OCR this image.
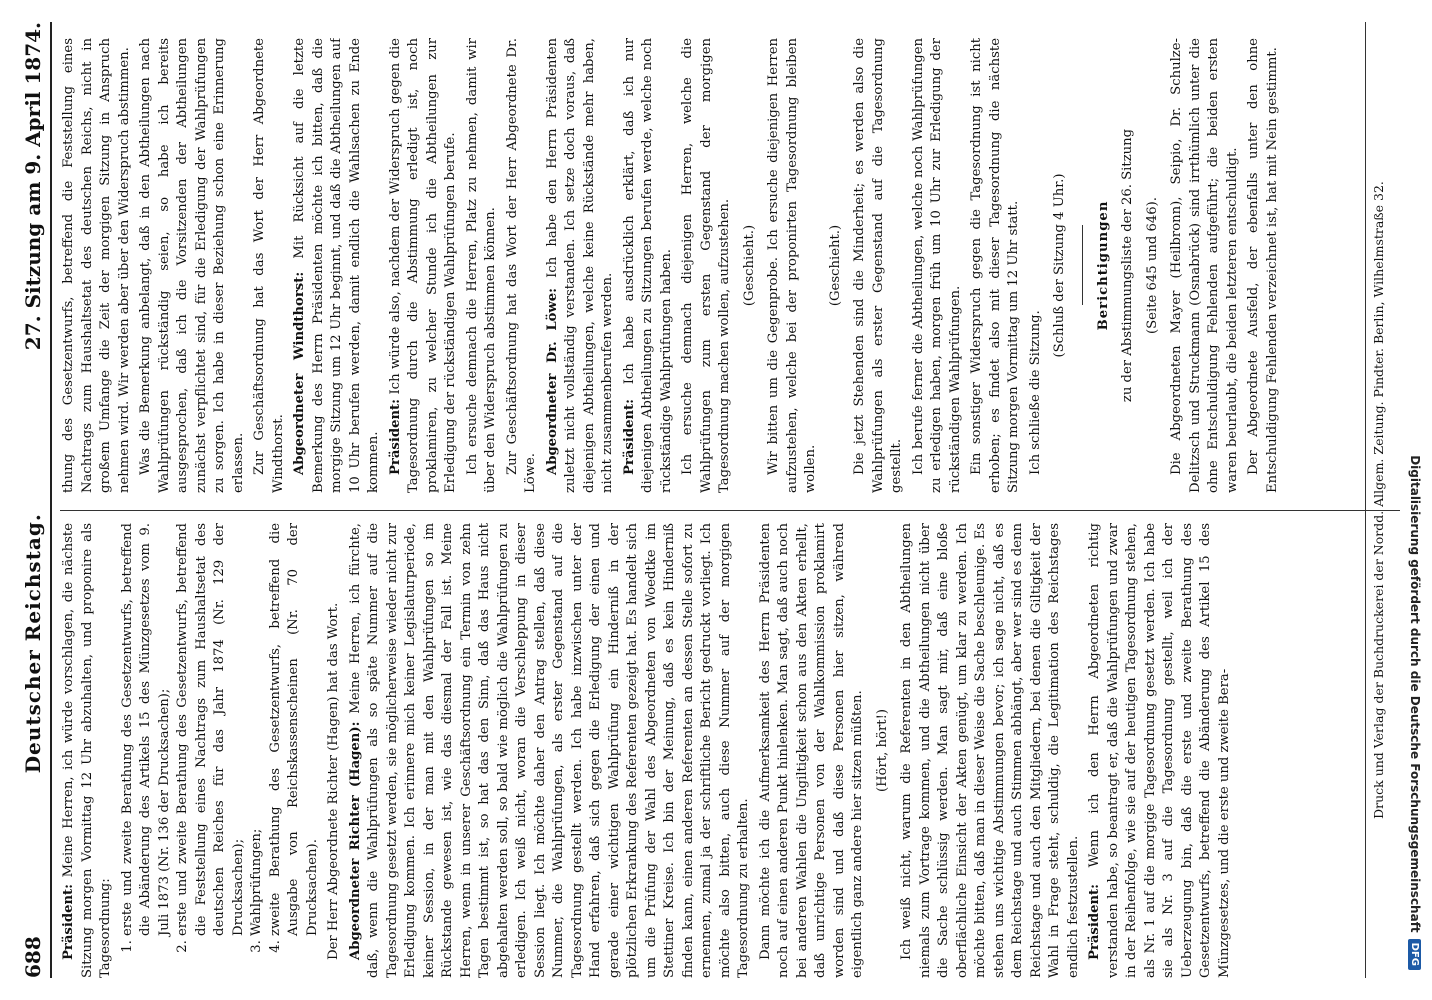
688
Deutscher Reichstag.
27. Sitzung am 9. April 1874.

Präsident: Meine Herren, ich würde vorschlagen, die nächste Sitzung morgen Vormittag 12 Uhr abzuhalten, und proponire als Tagesordnung: 1. erste und zweite Berathung des Gesetzentwurfs, betreffend die Abänderung des Artikels 15 des Münzgesetzes vom 9. Juli 1873 (Nr. 136 der Drucksachen); 2. erste und zweite Berathung des Gesetzentwurfs, betreffend die Feststellung eines Nachtrags zum Haushaltsetat des deutschen Reiches für das Jahr 1874 (Nr. 129 der Drucksachen); 3. Wahlprüfungen; 4. zweite Berathung des Gesetzentwurfs, betreffend die Ausgabe von Reichskassenscheinen (Nr. 70 der Drucksachen). Der Herr Abgeordnete Richter (Hagen) hat das Wort. Abgeordneter Richter (Hagen): Meine Herren, ich fürchte, daß, wenn die Wahlprüfungen als so späte Nummer auf die Tagesordnung gesetzt werden, sie möglicherweise wieder nicht zur Erledigung kommen. Ich erinnere mich keiner Legislaturperiode, keiner Session, in der man mit den Wahlprüfungen so im Rückstande gewesen ist, wie das diesmal der Fall ist. Meine Herren, wenn in unserer Geschäftsordnung ein Termin von zehn Tagen bestimmt ist, so hat das den Sinn, daß das Haus nicht abgehalten werden soll, so bald wie möglich die Wahlprüfungen zu erledigen. Ich weiß nicht, woran die Verschleppung in dieser Session liegt. Ich möchte daher den Antrag stellen, daß diese Nummer, die Wahlprüfungen, als erster Gegenstand auf die Tagesordnung gestellt werden. Ich habe inzwischen unter der Hand erfahren, daß sich gegen die Erledigung der einen und gerade einer wichtigen Wahlprüfung ein Hinderniß in der plötzlichen Erkrankung des Referenten gezeigt hat. Es handelt sich um die Prüfung der Wahl des Abgeordneten von Woedtke im Stettiner Kreise. Ich bin der Meinung, daß es kein Hinderniß finden kann, einen anderen Referenten an dessen Stelle sofort zu ernennen, zumal ja der schriftliche Bericht gedruckt vorliegt. Ich möchte also bitten, auch diese Nummer auf der morgigen Tagesordnung zu erhalten. Dann möchte ich die Aufmerksamkeit des Herrn Präsidenten noch auf einen anderen Punkt hinlenken. Man sagt, daß auch noch bei anderen Wahlen die Ungiltigkeit schon aus den Akten erhellt, daß unrichtige Personen von der Wahlkommission proklamirt worden sind und daß diese Personen hier sitzen, während eigentlich ganz andere hier sitzen müßten. (Hört, hört!) Ich weiß nicht, warum die Referenten in den Abtheilungen niemals zum Vortrage kommen, und die Abtheilungen nicht über die Sache schlüssig werden. Man sagt mir, daß eine bloße oberflächliche Einsicht der Akten genügt, um klar zu werden. Ich möchte bitten, daß man in dieser Weise die Sache beschleunige. Es stehen uns wichtige Abstimmungen bevor; ich sage nicht, daß es dem Reichstage und auch Stimmen abhängt, aber wer sind es denn Reichstage und auch den Mitgliedern, bei denen die Giltigkeit der Wahl in Frage steht, schuldig, die Legitimation des Reichstages endlich festzustellen. Präsident: Wenn ich den Herrn Abgeordneten richtig verstanden habe, so beantragt er, daß die Wahlprüfungen und zwar in der Reihenfolge, wie sie auf der heutigen Tagesordnung stehen, als Nr. 1 auf die morgige Tagesordnung gesetzt werden. Ich habe sie als Nr. 3 auf die Tagesordnung gestellt, weil ich der Ueberzeugung bin, daß die erste und zweite Berathung des Gesetzentwurfs, betreffend die Abänderung des Artikel 15 des Münzgesetzes, und die erste und zweite Bera-

thung des Gesetzentwurfs, betreffend die Feststellung eines Nachtrags zum Haushaltsetat des deutschen Reichs, nicht in großem Umfange die Zeit der morgigen Sitzung in Anspruch nehmen wird. Wir werden aber über den Widerspruch abstimmen. Was die Bemerkung anbelangt, daß in den Abtheilungen nach Wahlprüfungen rückständig seien, so habe ich bereits ausgesprochen, daß ich die Vorsitzenden der Abtheilungen zunächst verpflichtet sind, für die Erledigung der Wahlprüfungen zu sorgen. Ich habe in dieser Beziehung schon eine Erinnerung erlassen. Zur Geschäftsordnung hat das Wort der Herr Abgeordnete Windthorst. Abgeordneter Windthorst: Mit Rücksicht auf die letzte Bemerkung des Herrn Präsidenten möchte ich bitten, daß die morgige Sitzung um 12 Uhr beginnt, und daß die Abtheilungen auf 10 Uhr berufen werden, damit endlich die Wahlsachen zu Ende kommen. Präsident: Ich würde also, nachdem der Widerspruch gegen die Tagesordnung durch die Abstimmung erledigt ist, noch proklamiren, zu welcher Stunde ich die Abtheilungen zur Erledigung der rückständigen Wahlprüfungen berufe. Ich ersuche demnach die Herren, Platz zu nehmen, damit wir über den Widerspruch abstimmen können. Zur Geschäftsordnung hat das Wort der Herr Abgeordnete Dr. Löwe. Abgeordneter Dr. Löwe: Ich habe den Herrn Präsidenten zuletzt nicht vollständig verstanden. Ich setze doch voraus, daß diejenigen Abtheilungen, welche keine Rückstände mehr haben, nicht zusammenberufen werden. Präsident: Ich habe ausdrücklich erklärt, daß ich nur diejenigen Abtheilungen zu Sitzungen berufen werde, welche noch rückständige Wahlprüfungen haben. Ich ersuche demnach diejenigen Herren, welche die Wahlprüfungen zum ersten Gegenstand der morgigen Tagesordnung machen wollen, aufzustehen. (Geschieht.) Wir bitten um die Gegenprobe. Ich ersuche diejenigen Herren aufzustehen, welche bei der proponirten Tagesordnung bleiben wollen.

(Geschieht.) Die jetzt Stehenden sind die Minderheit; es werden also die Wahlprüfungen als erster Gegenstand auf die Tagesordnung gestellt. Ich berufe ferner die Abtheilungen, welche noch Wahlprüfungen zu erledigen haben, morgen früh um 10 Uhr zur Erledigung der rückständigen Wahlprüfungen. Ein sonstiger Widerspruch gegen die Tagesordnung ist nicht erhoben; es findet also mit dieser Tagesordnung die nächste Sitzung morgen Vormittag um 12 Uhr statt. Ich schließe die Sitzung.

(Schluß der Sitzung 4 Uhr.) Berichtigungen zu der Abstimmungsliste der 26. Sitzung (Seite 645 und 646). Die Abgeordneten Mayer (Heilbronn), Seipio, Dr. Schulze-Delitzsch und Struckmann (Osnabrück) sind irrthümlich unter die ohne Entschuldigung Fehlenden aufgeführt; die beiden ersten waren beurlaubt, die beiden letzteren entschuldigt. Der Abgeordnete Ausfeld, der ebenfalls unter den ohne Entschuldigung Fehlenden verzeichnet ist, hat mit Nein gestimmt.	Druck und Verlag der Buchdruckerei der Nordd. Allgem. Zeitung. Pindter. Berlin, Wilhelmstraße 32. Digitalisierung gefördert durch die Deutsche Forschungsgemeinschaft
DFG
